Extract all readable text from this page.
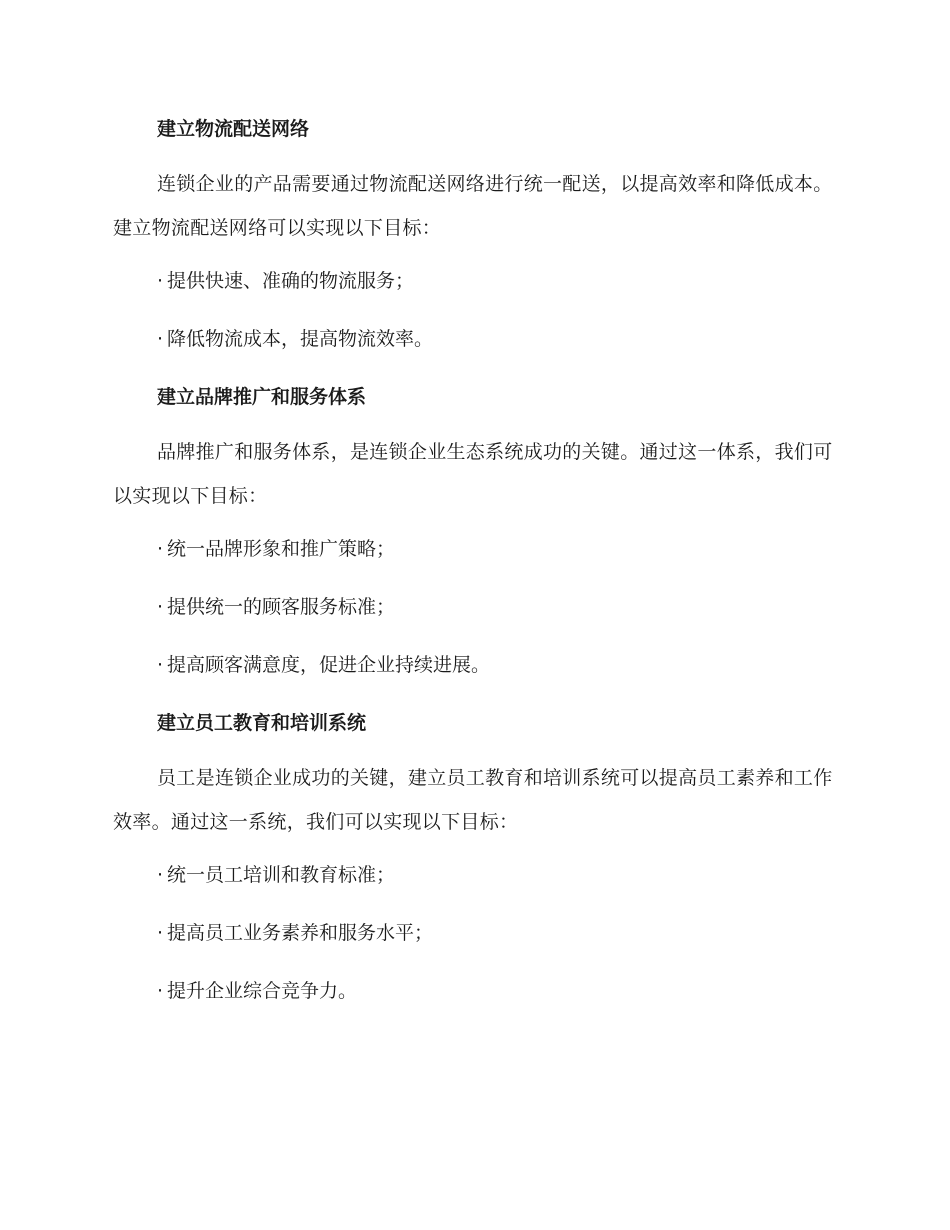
建立物流配送网络

连锁企业的产品需要通过物流配送网络进行统一配送，以提高效率和降低成本。建立物流配送网络可以实现以下目标：

· 提供快速、准确的物流服务；
· 降低物流成本，提高物流效率。
建立品牌推广和服务体系

品牌推广和服务体系，是连锁企业生态系统成功的关键。通过这一体系，我们可以实现以下目标：

· 统一品牌形象和推广策略；
· 提供统一的顾客服务标准；
· 提高顾客满意度，促进企业持续进展。
建立员工教育和培训系统

员工是连锁企业成功的关键，建立员工教育和培训系统可以提高员工素养和工作效率。通过这一系统，我们可以实现以下目标：

· 统一员工培训和教育标准；
· 提高员工业务素养和服务水平；
· 提升企业综合竞争力。
